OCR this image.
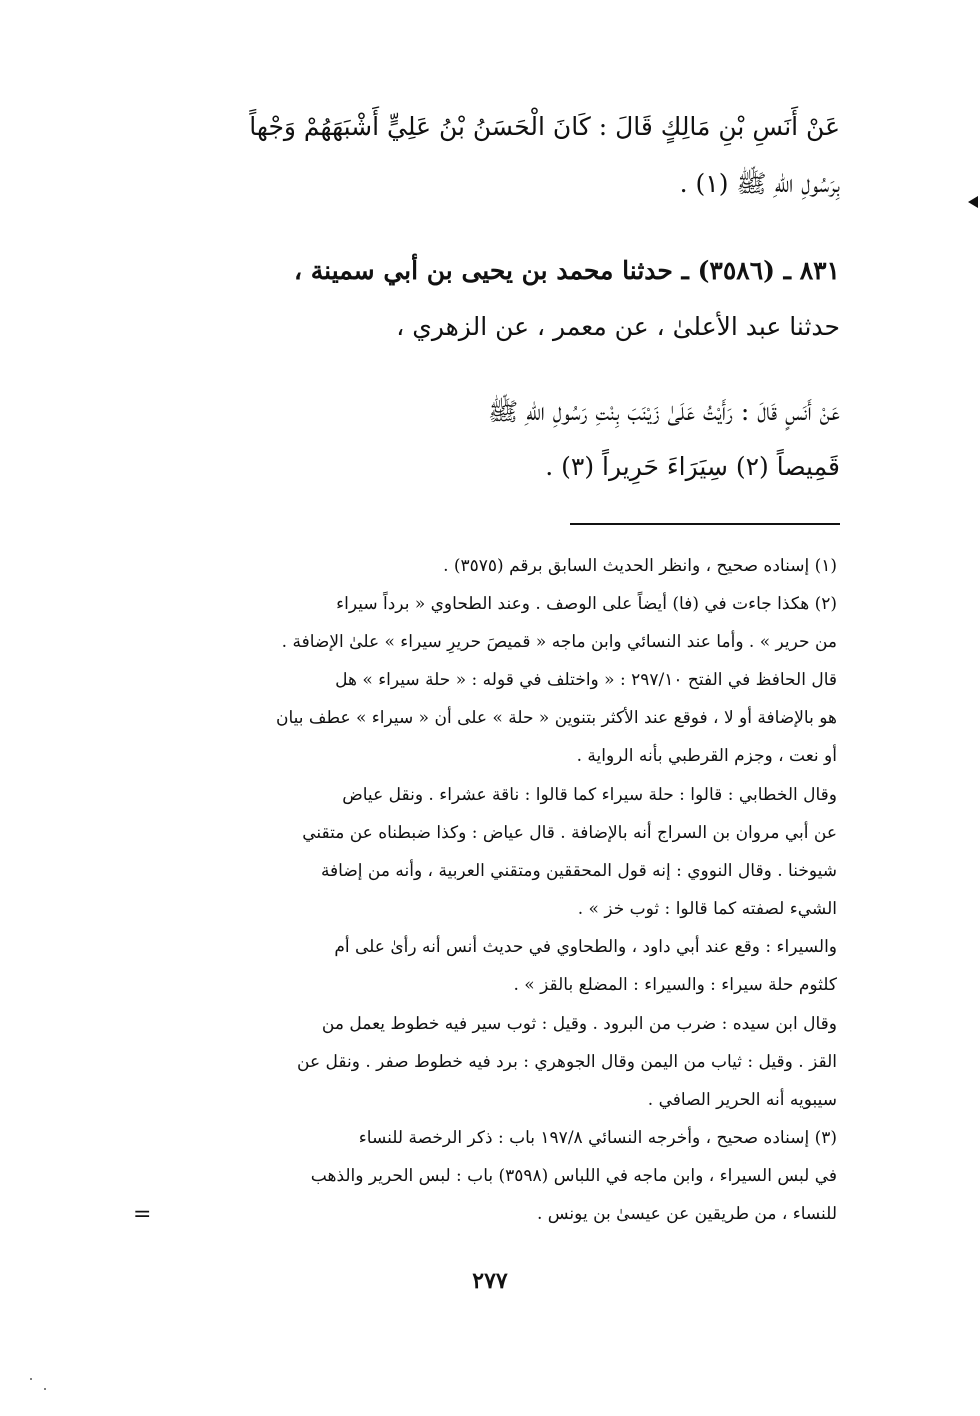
عَنْ أَنَسِ بْنِ مَالِكٍ قَالَ : كَانَ الْحَسَنُ بْنُ عَلِيٍّ أَشْبَهَهُمْ وَجْهاً
بِرَسُولِ اللهِ ﷺ (١) .
٨٣١ ـ (٣٥٨٦) ـ حدثنا محمد بن يحيى بن أبي سمينة ،
حدثنا عبد الأعلىٰ ، عن معمر ، عن الزهري ،
عَنْ أَنَسٍ قَالَ : رَأَيْتُ عَلَىٰ زَيْنَبَ بِنْتِ رَسُولِ اللهِ ﷺ
قَمِيصاً (٢) سِيَرَاءَ حَرِيراً (٣) .
(١) إسناده صحيح ، وانظر الحديث السابق برقم (٣٥٧٥) .
(٢) هكذا جاءت في (فا) أيضاً على الوصف . وعند الطحاوي « برداً سيراء
من حرير » . وأما عند النسائي وابن ماجه « قميصَ حريرِ سيراء » علىٰ الإضافة .
قال الحافظ في الفتح ٢٩٧/١٠ : « واختلف في قوله : « حلة سيراء » هل
هو بالإضافة أو لا ، فوقع عند الأكثر بتنوين « حلة » على أن « سيراء » عطف بيان
أو نعت ، وجزم القرطبي بأنه الرواية .
وقال الخطابي : قالوا : حلة سيراء كما قالوا : ناقة عشراء . ونقل عياض
عن أبي مروان بن السراج أنه بالإضافة . قال عياض : وكذا ضبطناه عن متقني
شيوخنا . وقال النووي : إنه قول المحققين ومتقني العربية ، وأنه من إضافة
الشيء لصفته كما قالوا : ثوب خز » .
والسيراء : وقع عند أبي داود ، والطحاوي في حديث أنس أنه رأىٰ على أم
كلثوم حلة سيراء : والسيراء : المضلع بالقز » .
وقال ابن سيده : ضرب من البرود . وقيل : ثوب سير فيه خطوط يعمل من
القز . وقيل : ثياب من اليمن وقال الجوهري : برد فيه خطوط صفر . ونقل عن
سيبويه أنه الحرير الصافي .
(٣) إسناده صحيح ، وأخرجه النسائي ١٩٧/٨ باب : ذكر الرخصة للنساء
في لبس السيراء ، وابن ماجه في اللباس (٣٥٩٨) باب : لبس الحرير والذهب
للنساء ، من طريقين عن عيسىٰ بن يونس .
=
٢٧٧
